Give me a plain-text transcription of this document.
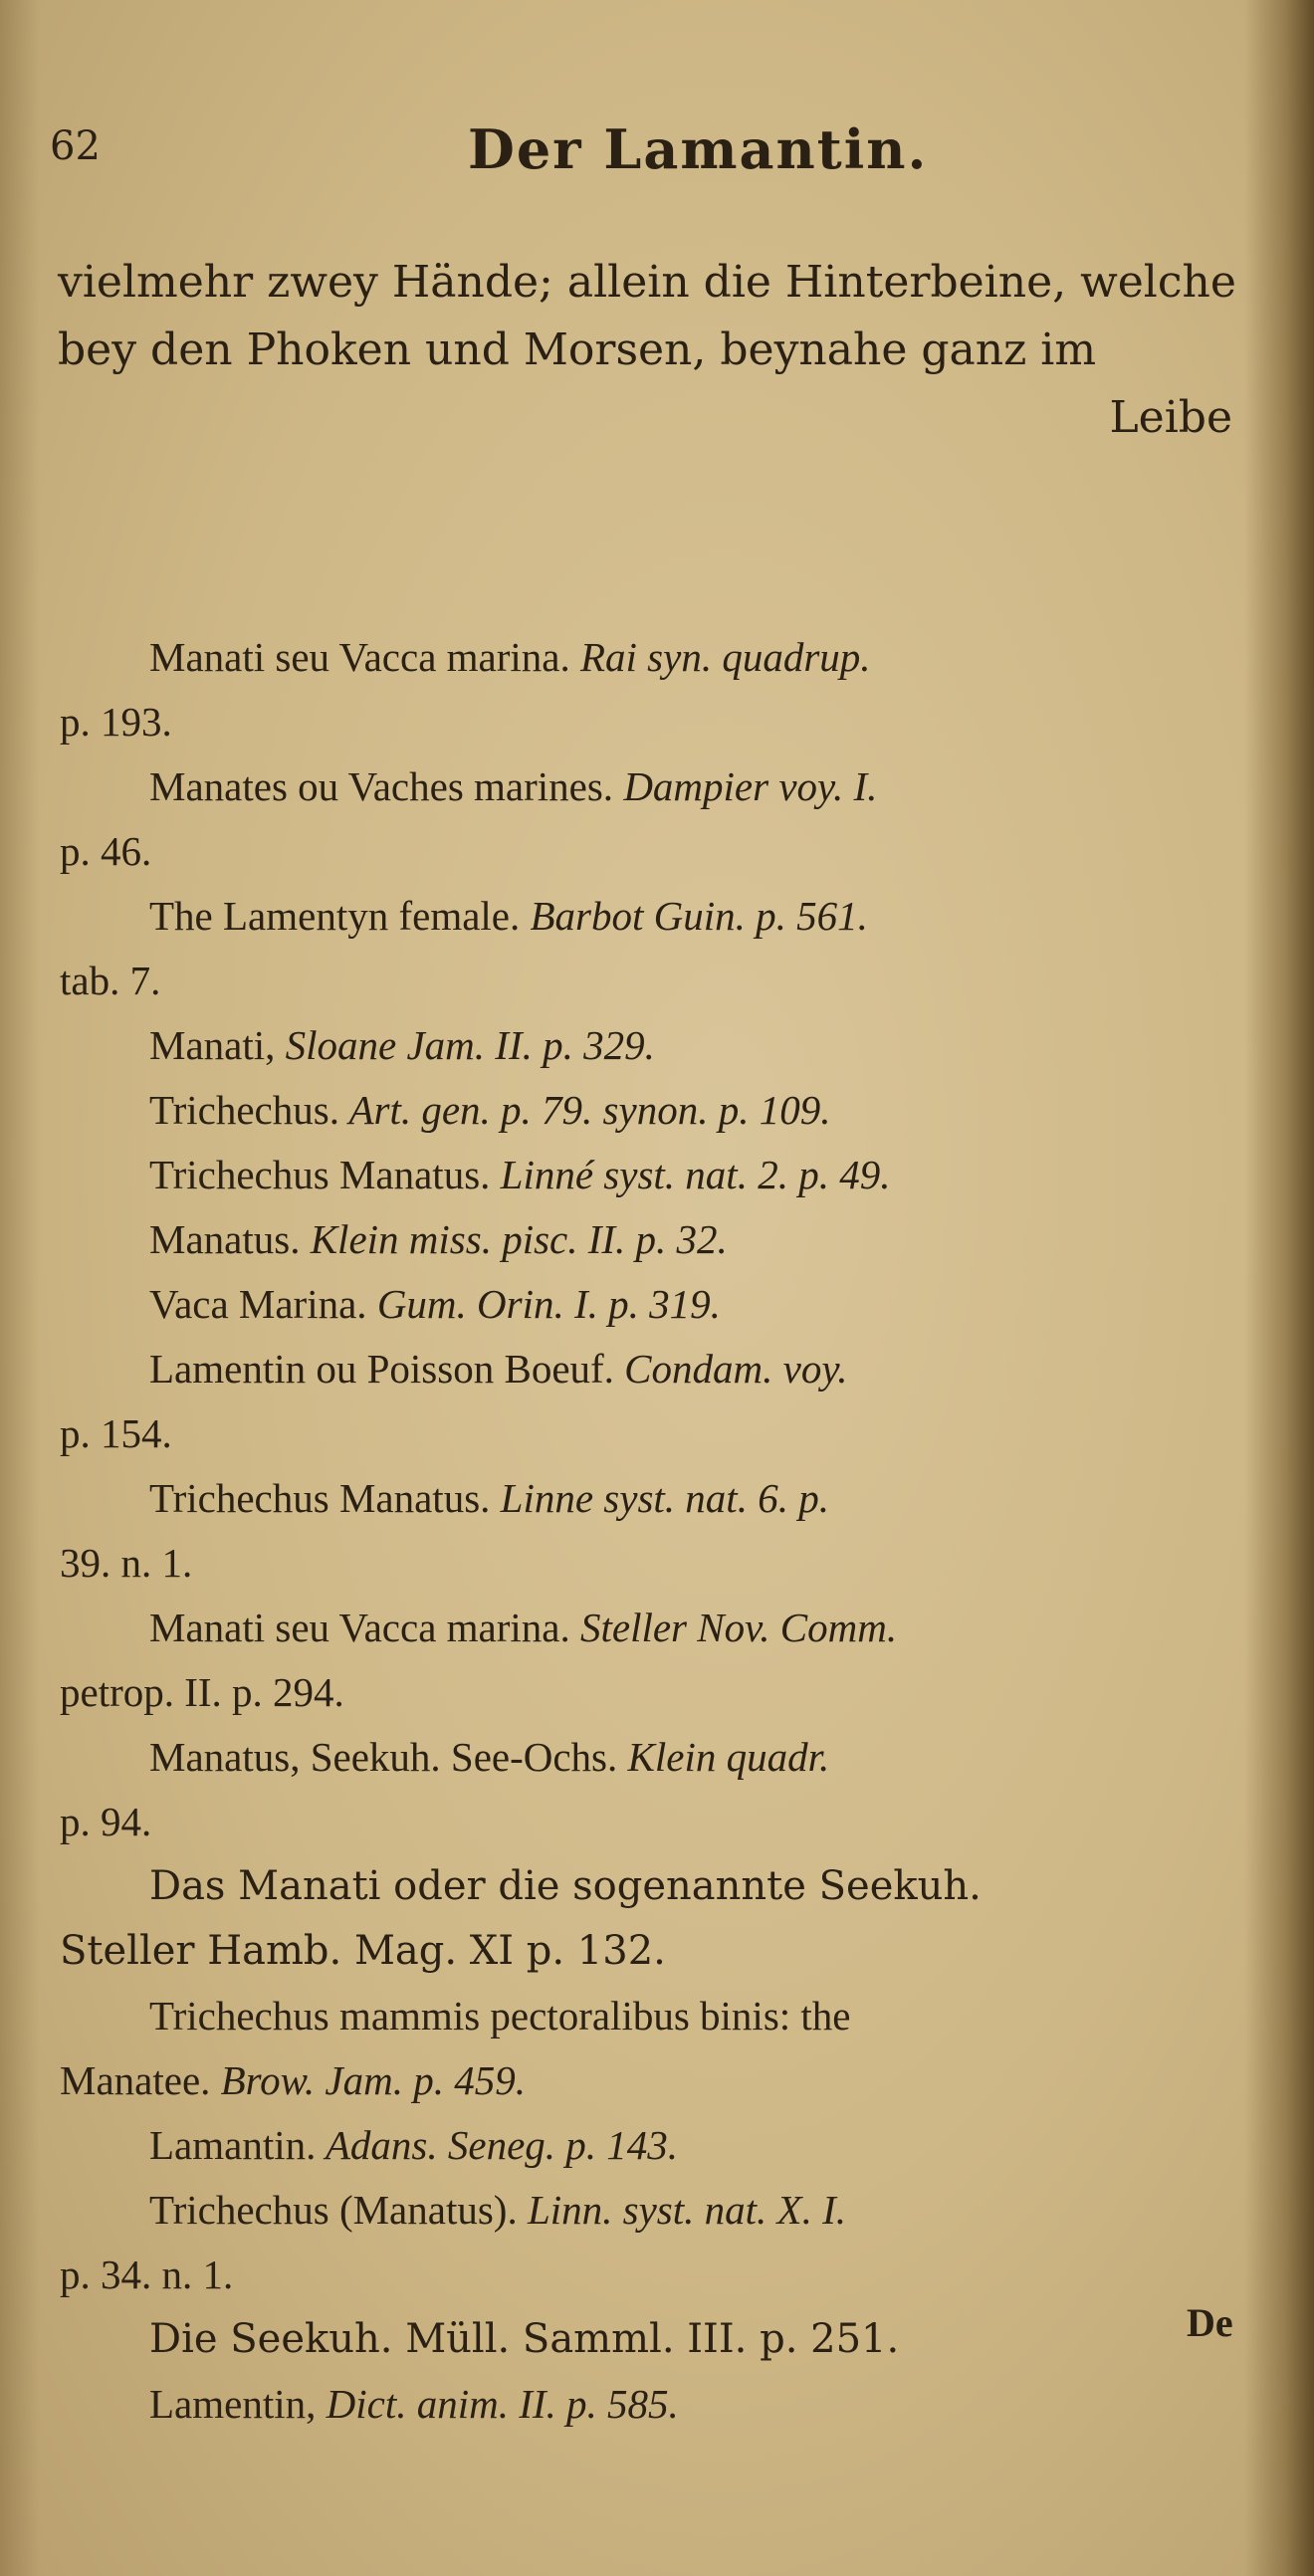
62	Der Lamantin.
vielmehr zwey Hände; allein die Hinterbeine, welche
bey den Phoken und Morsen, beynahe ganz im
Leibe
Manati seu Vacca marina. Rai syn. quadrup.
p. 193.
Manates ou Vaches marines. Dampier voy. I.
p. 46.
The Lamentyn female. Barbot Guin. p. 561.
tab. 7.
Manati, Sloane Jam. II. p. 329.
Trichechus. Art. gen. p. 79. synon. p. 109.
Trichechus Manatus. Linné syst. nat. 2. p. 49.
Manatus. Klein miss. pisc. II. p. 32.
Vaca Marina. Gum. Orin. I. p. 319.
Lamentin ou Poisson Boeuf. Condam. voy.
p. 154.
Trichechus Manatus. Linne syst. nat. 6. p.
39. n. 1.
Manati seu Vacca marina. Steller Nov. Comm.
petrop. II. p. 294.
Manatus, Seekuh. See-Ochs. Klein quadr.
p. 94.
Das Manati oder die sogenannte Seekuh.
Steller Hamb. Mag. XI p. 132.
Trichechus mammis pectoralibus binis: the
Manatee. Brow. Jam. p. 459.
Lamantin. Adans. Seneg. p. 143.
Trichechus (Manatus). Linn. syst. nat. X. I.
p. 34. n. 1.
Die Seekuh. Müll. Samml. III. p. 251.
Lamentin, Dict. anim. II. p. 585.
De
